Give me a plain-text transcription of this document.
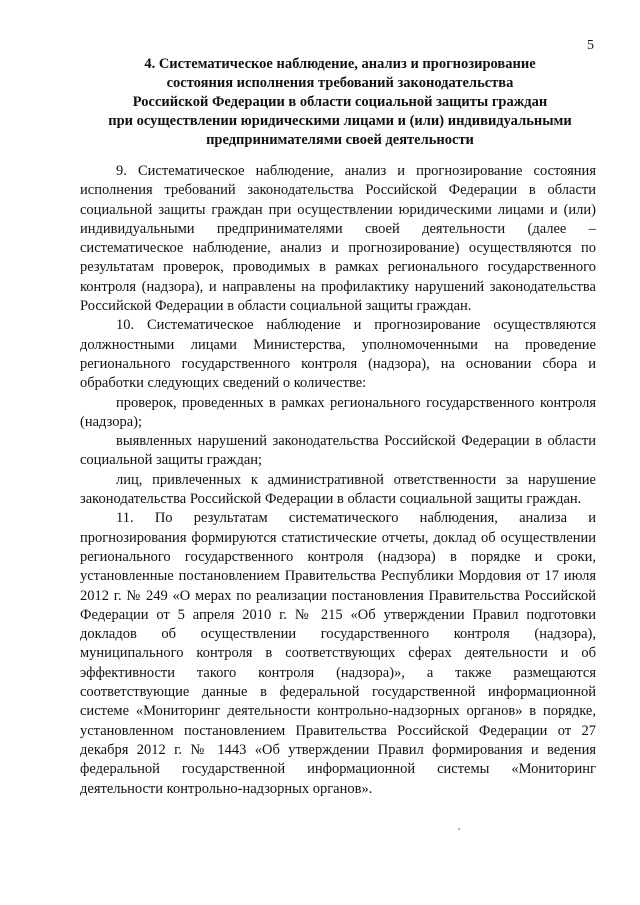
5
4. Систематическое наблюдение, анализ и прогнозирование
состояния исполнения требований законодательства
Российской Федерации в области социальной защиты граждан
при осуществлении юридическими лицами и (или) индивидуальными
предпринимателями своей деятельности

9. Систематическое наблюдение, анализ и прогнозирование состояния исполнения требований законодательства Российской Федерации в области социальной защиты граждан при осуществлении юридическими лицами и (или) индивидуальными предпринимателями своей деятельности (далее – систематическое наблюдение, анализ и прогнозирование) осуществляются по результатам проверок, проводимых в рамках регионального государственного контроля (надзора), и направлены на профилактику нарушений законодательства Российской Федерации в области социальной защиты граждан.

10. Систематическое наблюдение и прогнозирование осуществляются должностными лицами Министерства, уполномоченными на проведение регионального государственного контроля (надзора), на основании сбора и обработки следующих сведений о количестве:

проверок, проведенных в рамках регионального государственного контроля (надзора);

выявленных нарушений законодательства Российской Федерации в области социальной защиты граждан;

лиц, привлеченных к административной ответственности за нарушение законодательства Российской Федерации в области социальной защиты граждан.

11. По результатам систематического наблюдения, анализа и прогнозирования формируются статистические отчеты, доклад об осуществлении регионального государственного контроля (надзора) в порядке и сроки, установленные постановлением Правительства Республики Мордовия от 17 июля 2012 г. № 249 «О мерах по реализации постановления Правительства Российской Федерации от 5 апреля 2010 г. № 215 «Об утверждении Правил подготовки докладов об осуществлении государственного контроля (надзора), муниципального контроля в соответствующих сферах деятельности и об эффективности такого контроля (надзора)», а также размещаются соответствующие данные в федеральной государственной информационной системе «Мониторинг деятельности контрольно-надзорных органов» в порядке, установленном постановлением Правительства Российской Федерации от 27 декабря 2012 г. № 1443 «Об утверждении Правил формирования и ведения федеральной государственной информационной системы «Мониторинг деятельности контрольно-надзорных органов».
